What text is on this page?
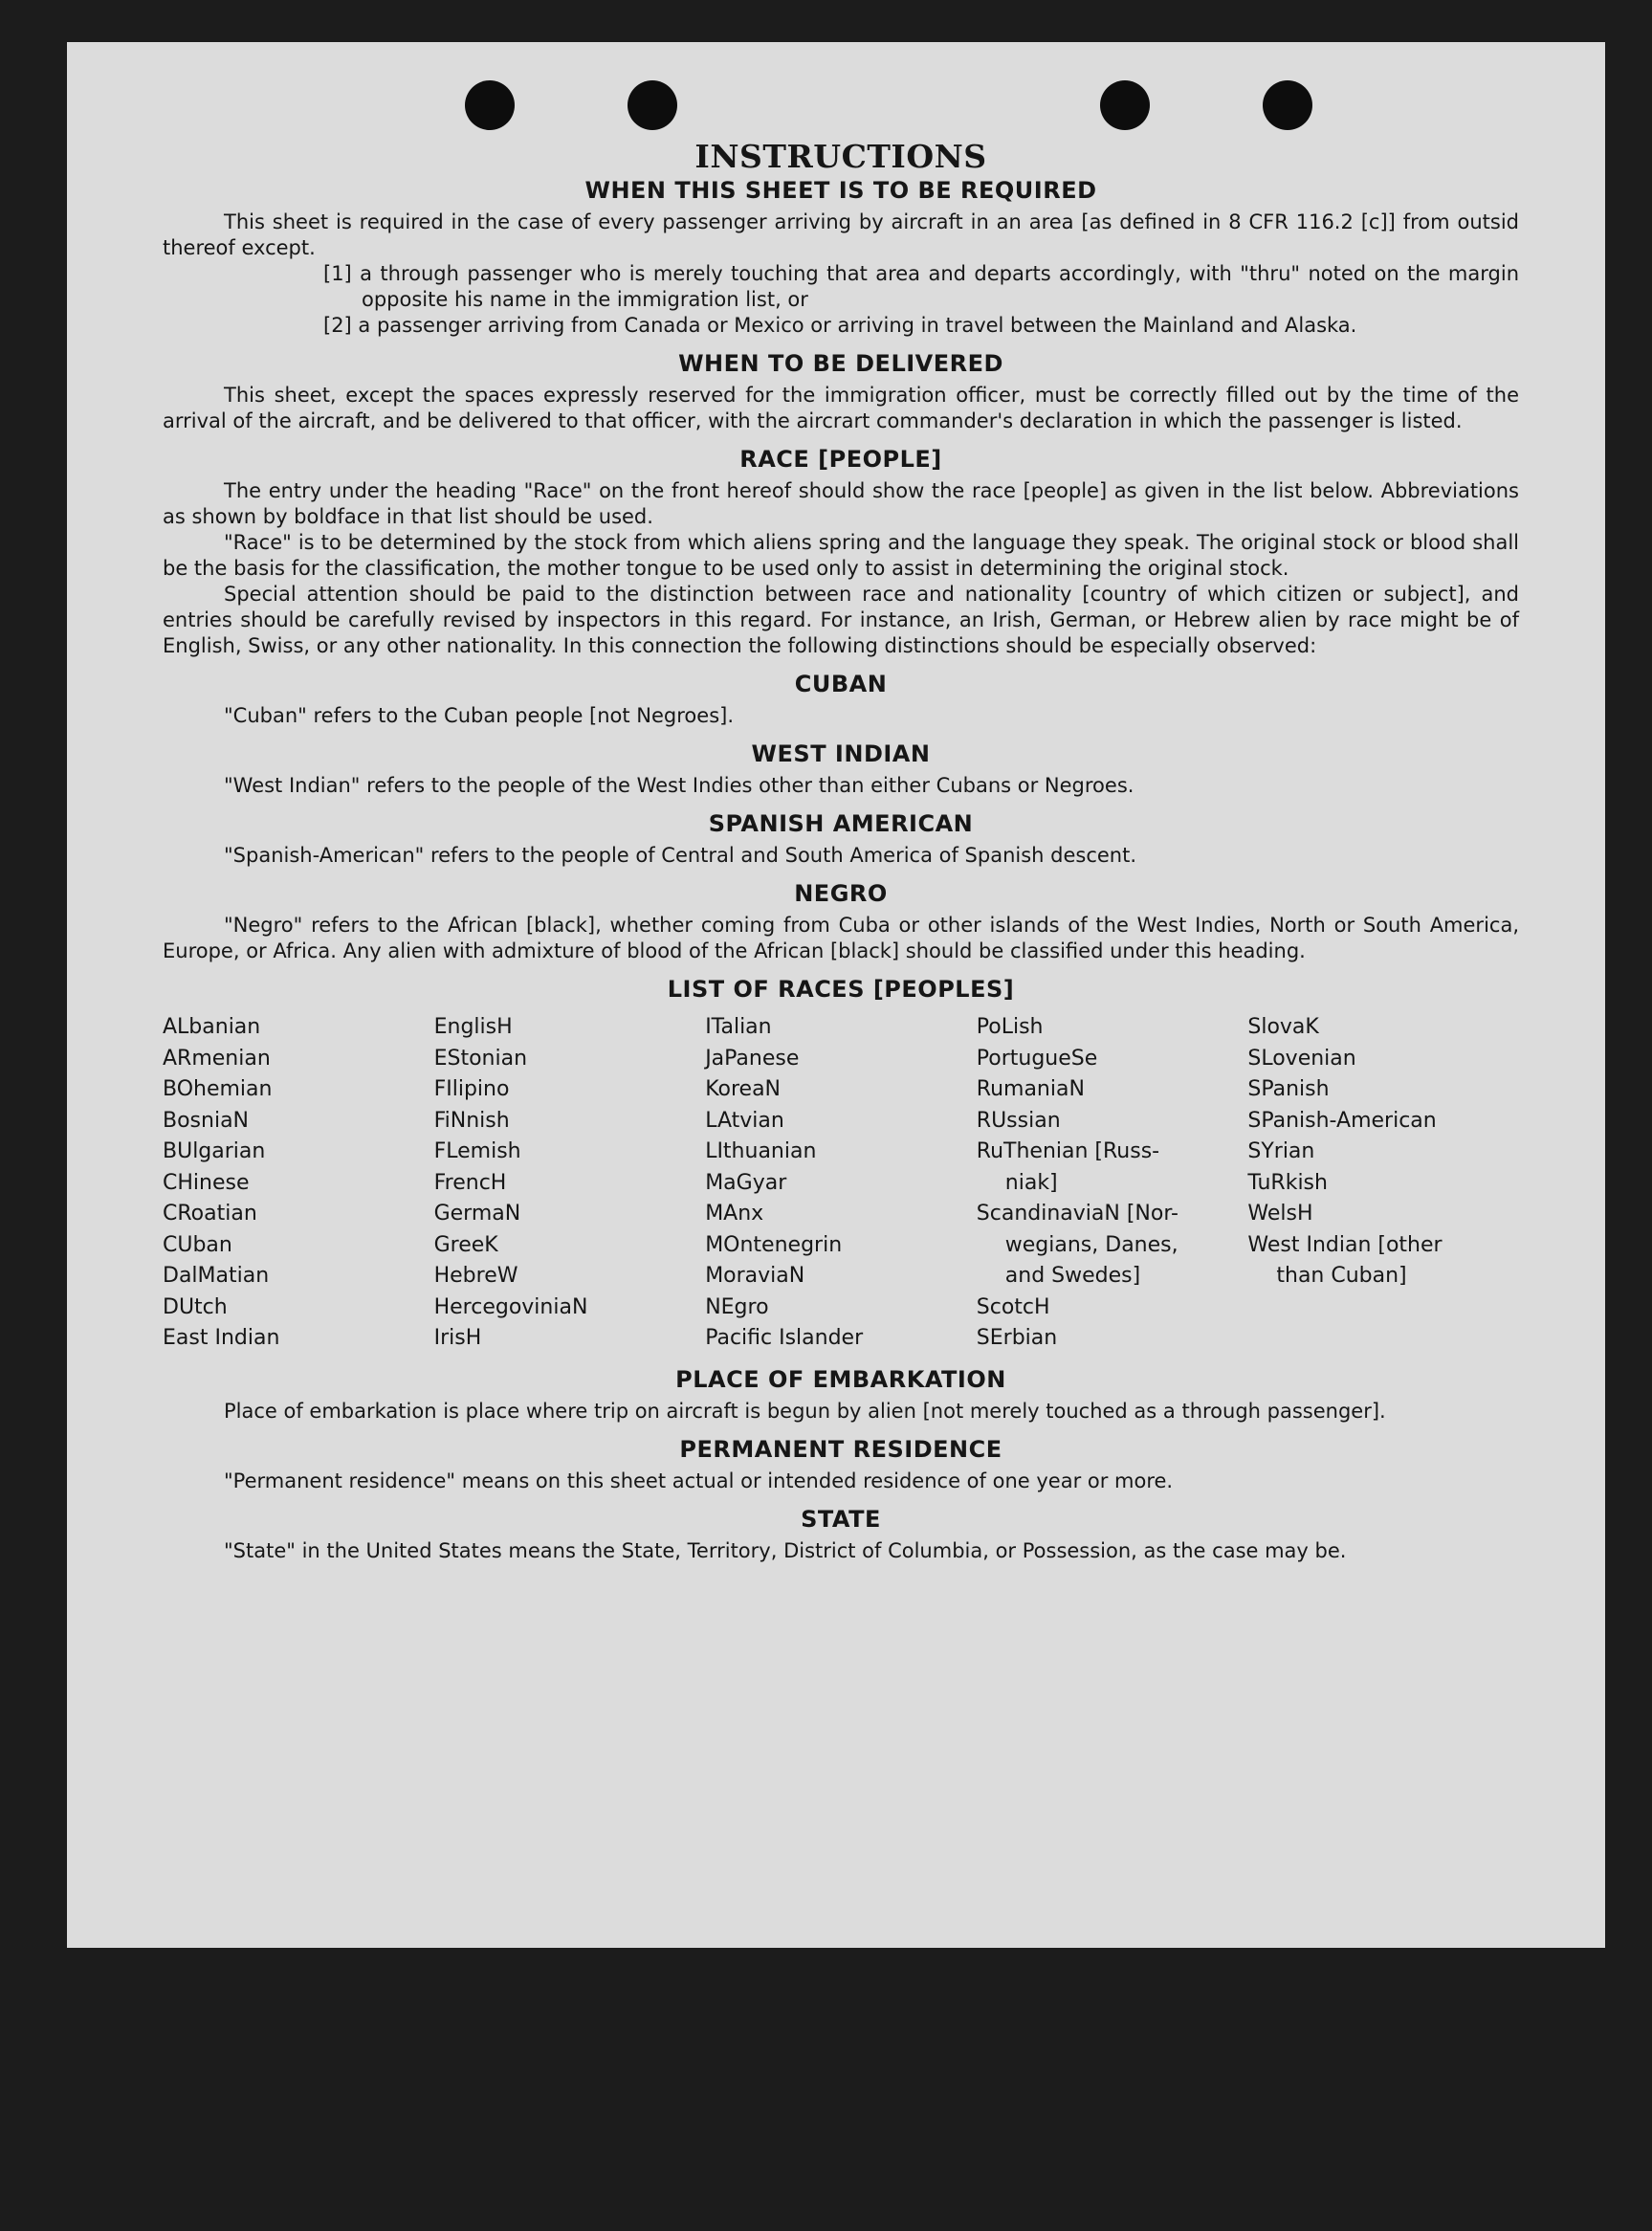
INSTRUCTIONS
WHEN THIS SHEET IS TO BE REQUIRED

This sheet is required in the case of every passenger arriving by aircraft in an area [as defined in 8 CFR 116.2 [c]] from outsid thereof except.

[1] a through passenger who is merely touching that area and departs accordingly, with "thru" noted on the margin opposite his name in the immigration list, or

[2] a passenger arriving from Canada or Mexico or arriving in travel between the Mainland and Alaska.

WHEN TO BE DELIVERED

This sheet, except the spaces expressly reserved for the immigration officer, must be correctly filled out by the time of the arrival of the aircraft, and be delivered to that officer, with the aircrart commander's declaration in which the passenger is listed.

RACE [PEOPLE]

The entry under the heading "Race" on the front hereof should show the race [people] as given in the list below. Abbreviations as shown by boldface in that list should be used.

"Race" is to be determined by the stock from which aliens spring and the language they speak. The original stock or blood shall be the basis for the classification, the mother tongue to be used only to assist in determining the original stock.

Special attention should be paid to the distinction between race and nationality [country of which citizen or subject], and entries should be carefully revised by inspectors in this regard. For instance, an Irish, German, or Hebrew alien by race might be of English, Swiss, or any other nationality. In this connection the following distinctions should be especially observed:

CUBAN

"Cuban" refers to the Cuban people [not Negroes].

WEST INDIAN

"West Indian" refers to the people of the West Indies other than either Cubans or Negroes.

SPANISH AMERICAN

"Spanish-American" refers to the people of Central and South America of Spanish descent.

NEGRO

"Negro" refers to the African [black], whether coming from Cuba or other islands of the West Indies, North or South America, Europe, or Africa. Any alien with admixture of blood of the African [black] should be classified under this heading.

LIST OF RACES [PEOPLES]
ALbanian
ARmenian
BOhemian
BosniaN
BUlgarian
CHinese
CRoatian
CUban
DalMatian
DUtch
East Indian
EnglisH
EStonian
FIlipino
FiNnish
FLemish
FrencH
GermaN
GreeK
HebreW
HercegoviniaN
IrisH
ITalian
JaPanese
KoreaN
LAtvian
LIthuanian
MaGyar
MAnx
MOntenegrin
MoraviaN
NEgro
Pacific Islander
PoLish
PortugueSe
RumaniaN
RUssian
RuThenian [Russ-
niak]
ScandinaviaN [Nor-
wegians, Danes,
and Swedes]
ScotcH
SErbian
SlovaK
SLovenian
SPanish
SPanish-American
SYrian
TuRkish
WelsH
West Indian [other
than Cuban]
PLACE OF EMBARKATION

Place of embarkation is place where trip on aircraft is begun by alien [not merely touched as a through passenger].

PERMANENT RESIDENCE

"Permanent residence" means on this sheet actual or intended residence of one year or more.

STATE

"State" in the United States means the State, Territory, District of Columbia, or Possession, as the case may be.
